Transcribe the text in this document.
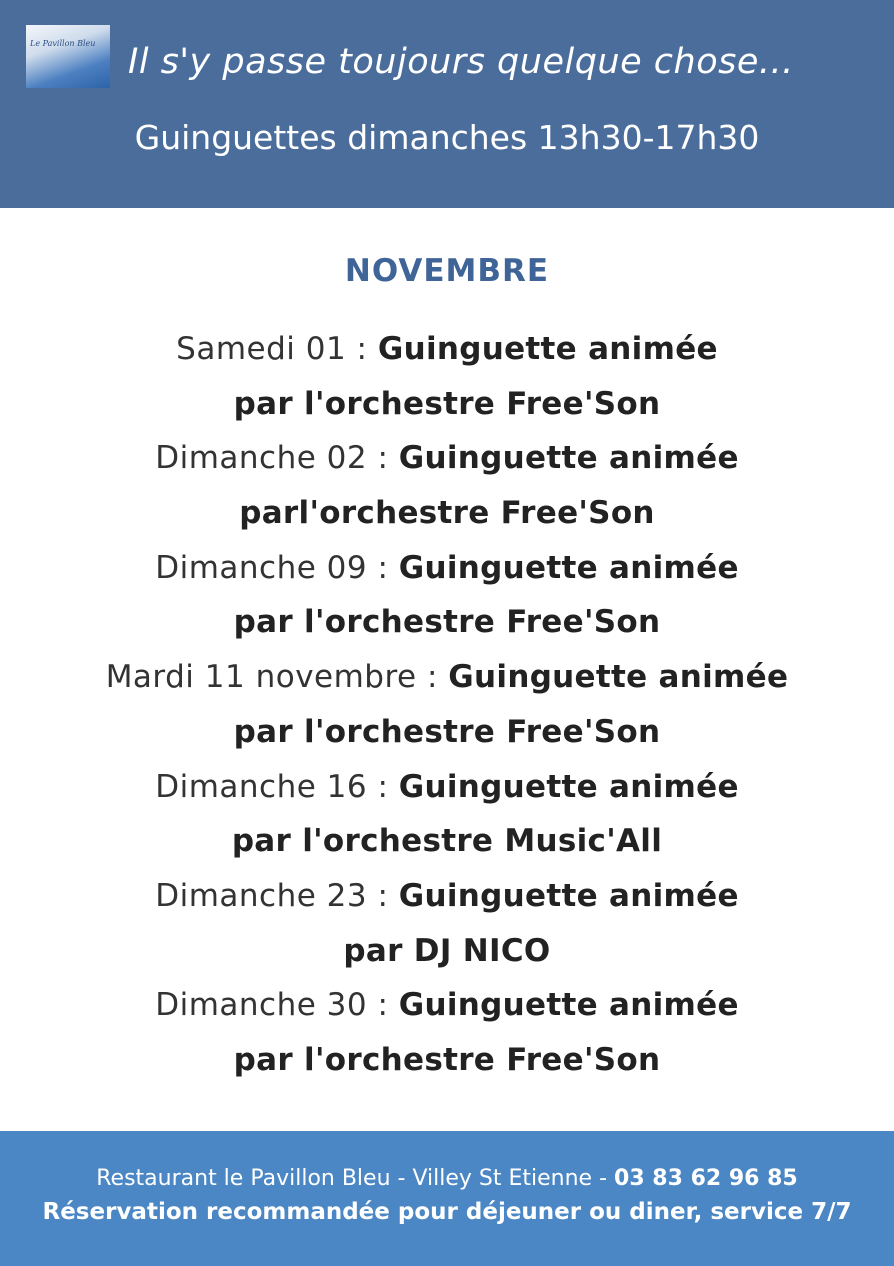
Le Pavillon Bleu Il s'y passe toujours quelque chose...
Guinguettes dimanches 13h30-17h30
NOVEMBRE
Samedi 01 : Guinguette animée
par l'orchestre Free'Son
Dimanche 02 : Guinguette animée
parl'orchestre Free'Son
Dimanche 09 : Guinguette animée
par l'orchestre Free'Son
Mardi 11 novembre : Guinguette animée
par l'orchestre Free'Son
Dimanche 16 : Guinguette animée
par l'orchestre Music'All
Dimanche 23 : Guinguette animée
par DJ NICO
Dimanche 30 : Guinguette animée
par l'orchestre Free'Son
Restaurant le Pavillon Bleu - Villey St Etienne - 03 83 62 96 85
Réservation recommandée pour déjeuner ou diner, service 7/7
